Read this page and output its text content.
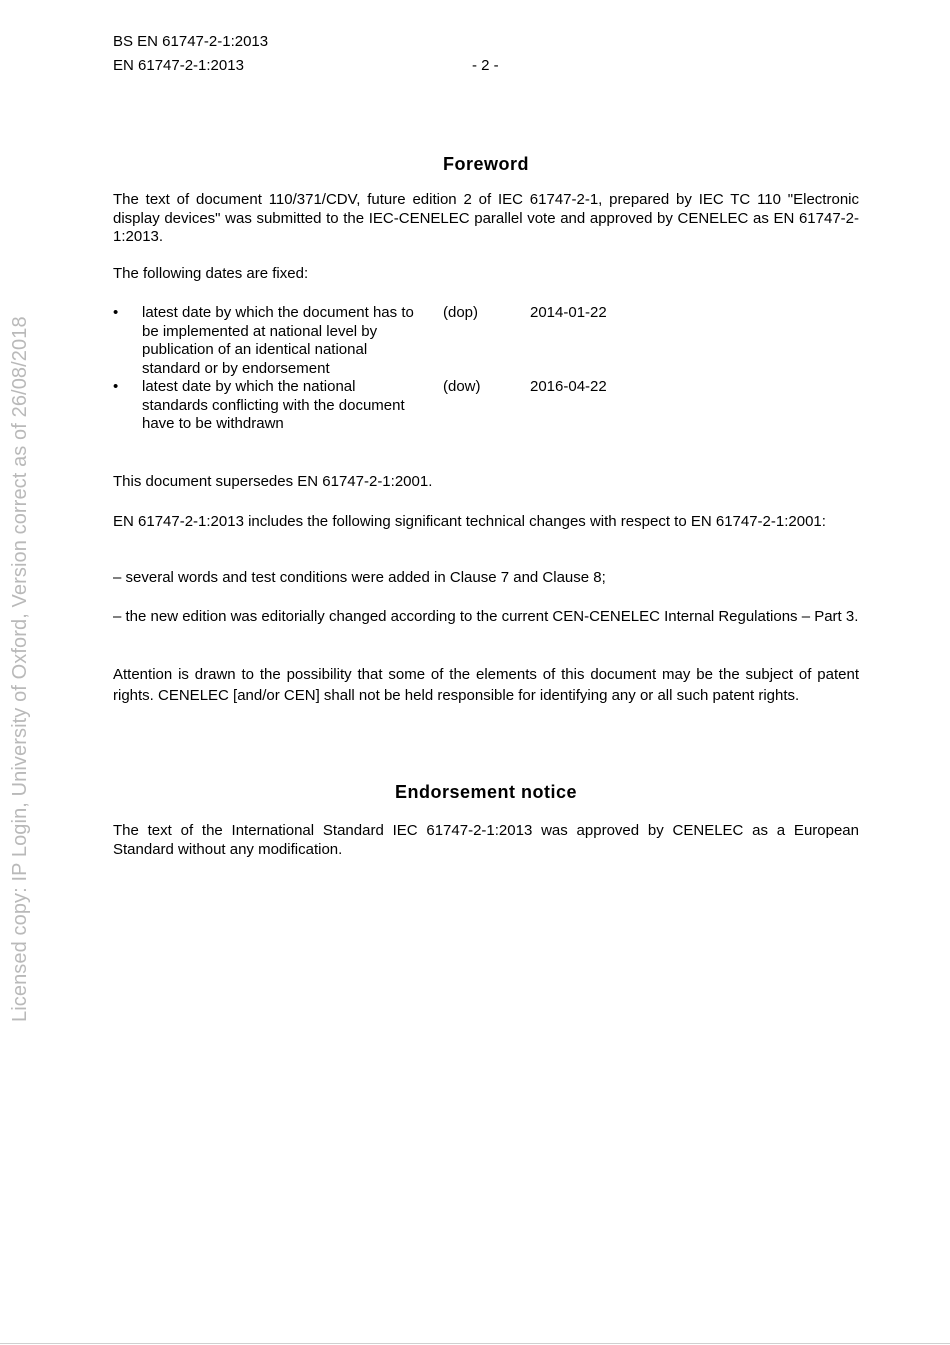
BS EN 61747-2-1:2013
EN 61747-2-1:2013	- 2 -
Foreword

The text of document 110/371/CDV, future edition 2 of IEC 61747-2-1, prepared by IEC TC 110 "Electronic display devices" was submitted to the IEC-CENELEC parallel vote and approved by CENELEC as EN 61747-2-1:2013.

The following dates are fixed:

• latest date by which the document has to be implemented at national level by publication of an identical national standard or by endorsement
(dop)	2014-01-22
• latest date by which the national standards conflicting with the document have to be withdrawn
(dow)	2016-04-22

This document supersedes EN 61747-2-1:2001.

EN 61747-2-1:2013 includes the following significant technical changes with respect to EN 61747-2-1:2001:

– several words and test conditions were added in Clause 7 and Clause 8;

– the new edition was editorially changed according to the current CEN-CENELEC Internal Regulations – Part 3.

Attention is drawn to the possibility that some of the elements of this document may be the subject of patent rights. CENELEC [and/or CEN] shall not be held responsible for identifying any or all such patent rights.

Endorsement notice

The text of the International Standard IEC 61747-2-1:2013 was approved by CENELEC as a European Standard without any modification.

Licensed copy: IP Login, University of Oxford, Version correct as of 26/08/2018
